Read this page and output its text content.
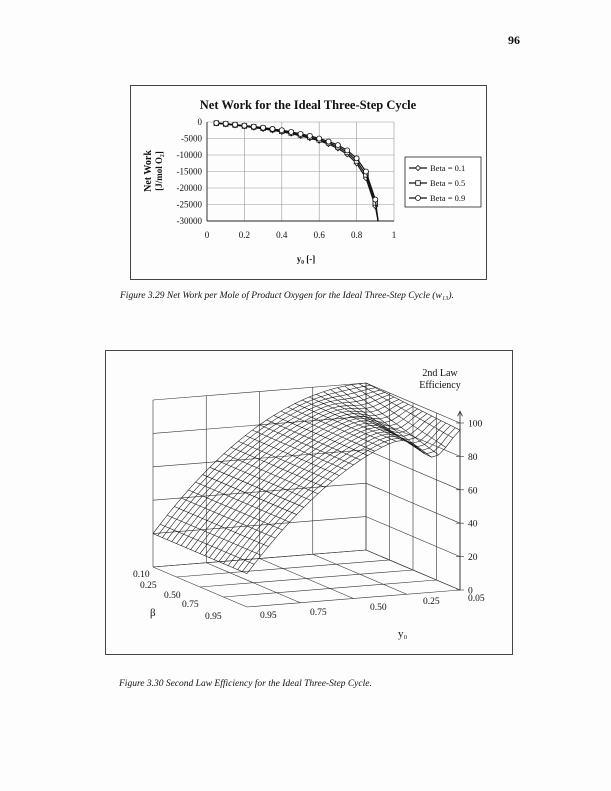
96
Net Work for the Ideal Three-Step Cycle
0	0.2	0.4	0.6	0.8	1
0
-5000
-10000
-15000
-20000
-25000
-30000
y₀ [-]
Net Work [J/mol O₂]	Beta = 0.1
Beta = 0.5
Beta = 0.9
Figure 3.29 Net Work per Mole of Product Oxygen for the Ideal Three-Step Cycle (w₁₃).
2nd Law
Efficiency
β
y₀
100
80
60
40
20
0
0.10
0.25
0.50
0.75
0.95	0.95	0.75	0.50
0.25	0.05
Figure 3.30 Second Law Efficiency for the Ideal Three-Step Cycle.
